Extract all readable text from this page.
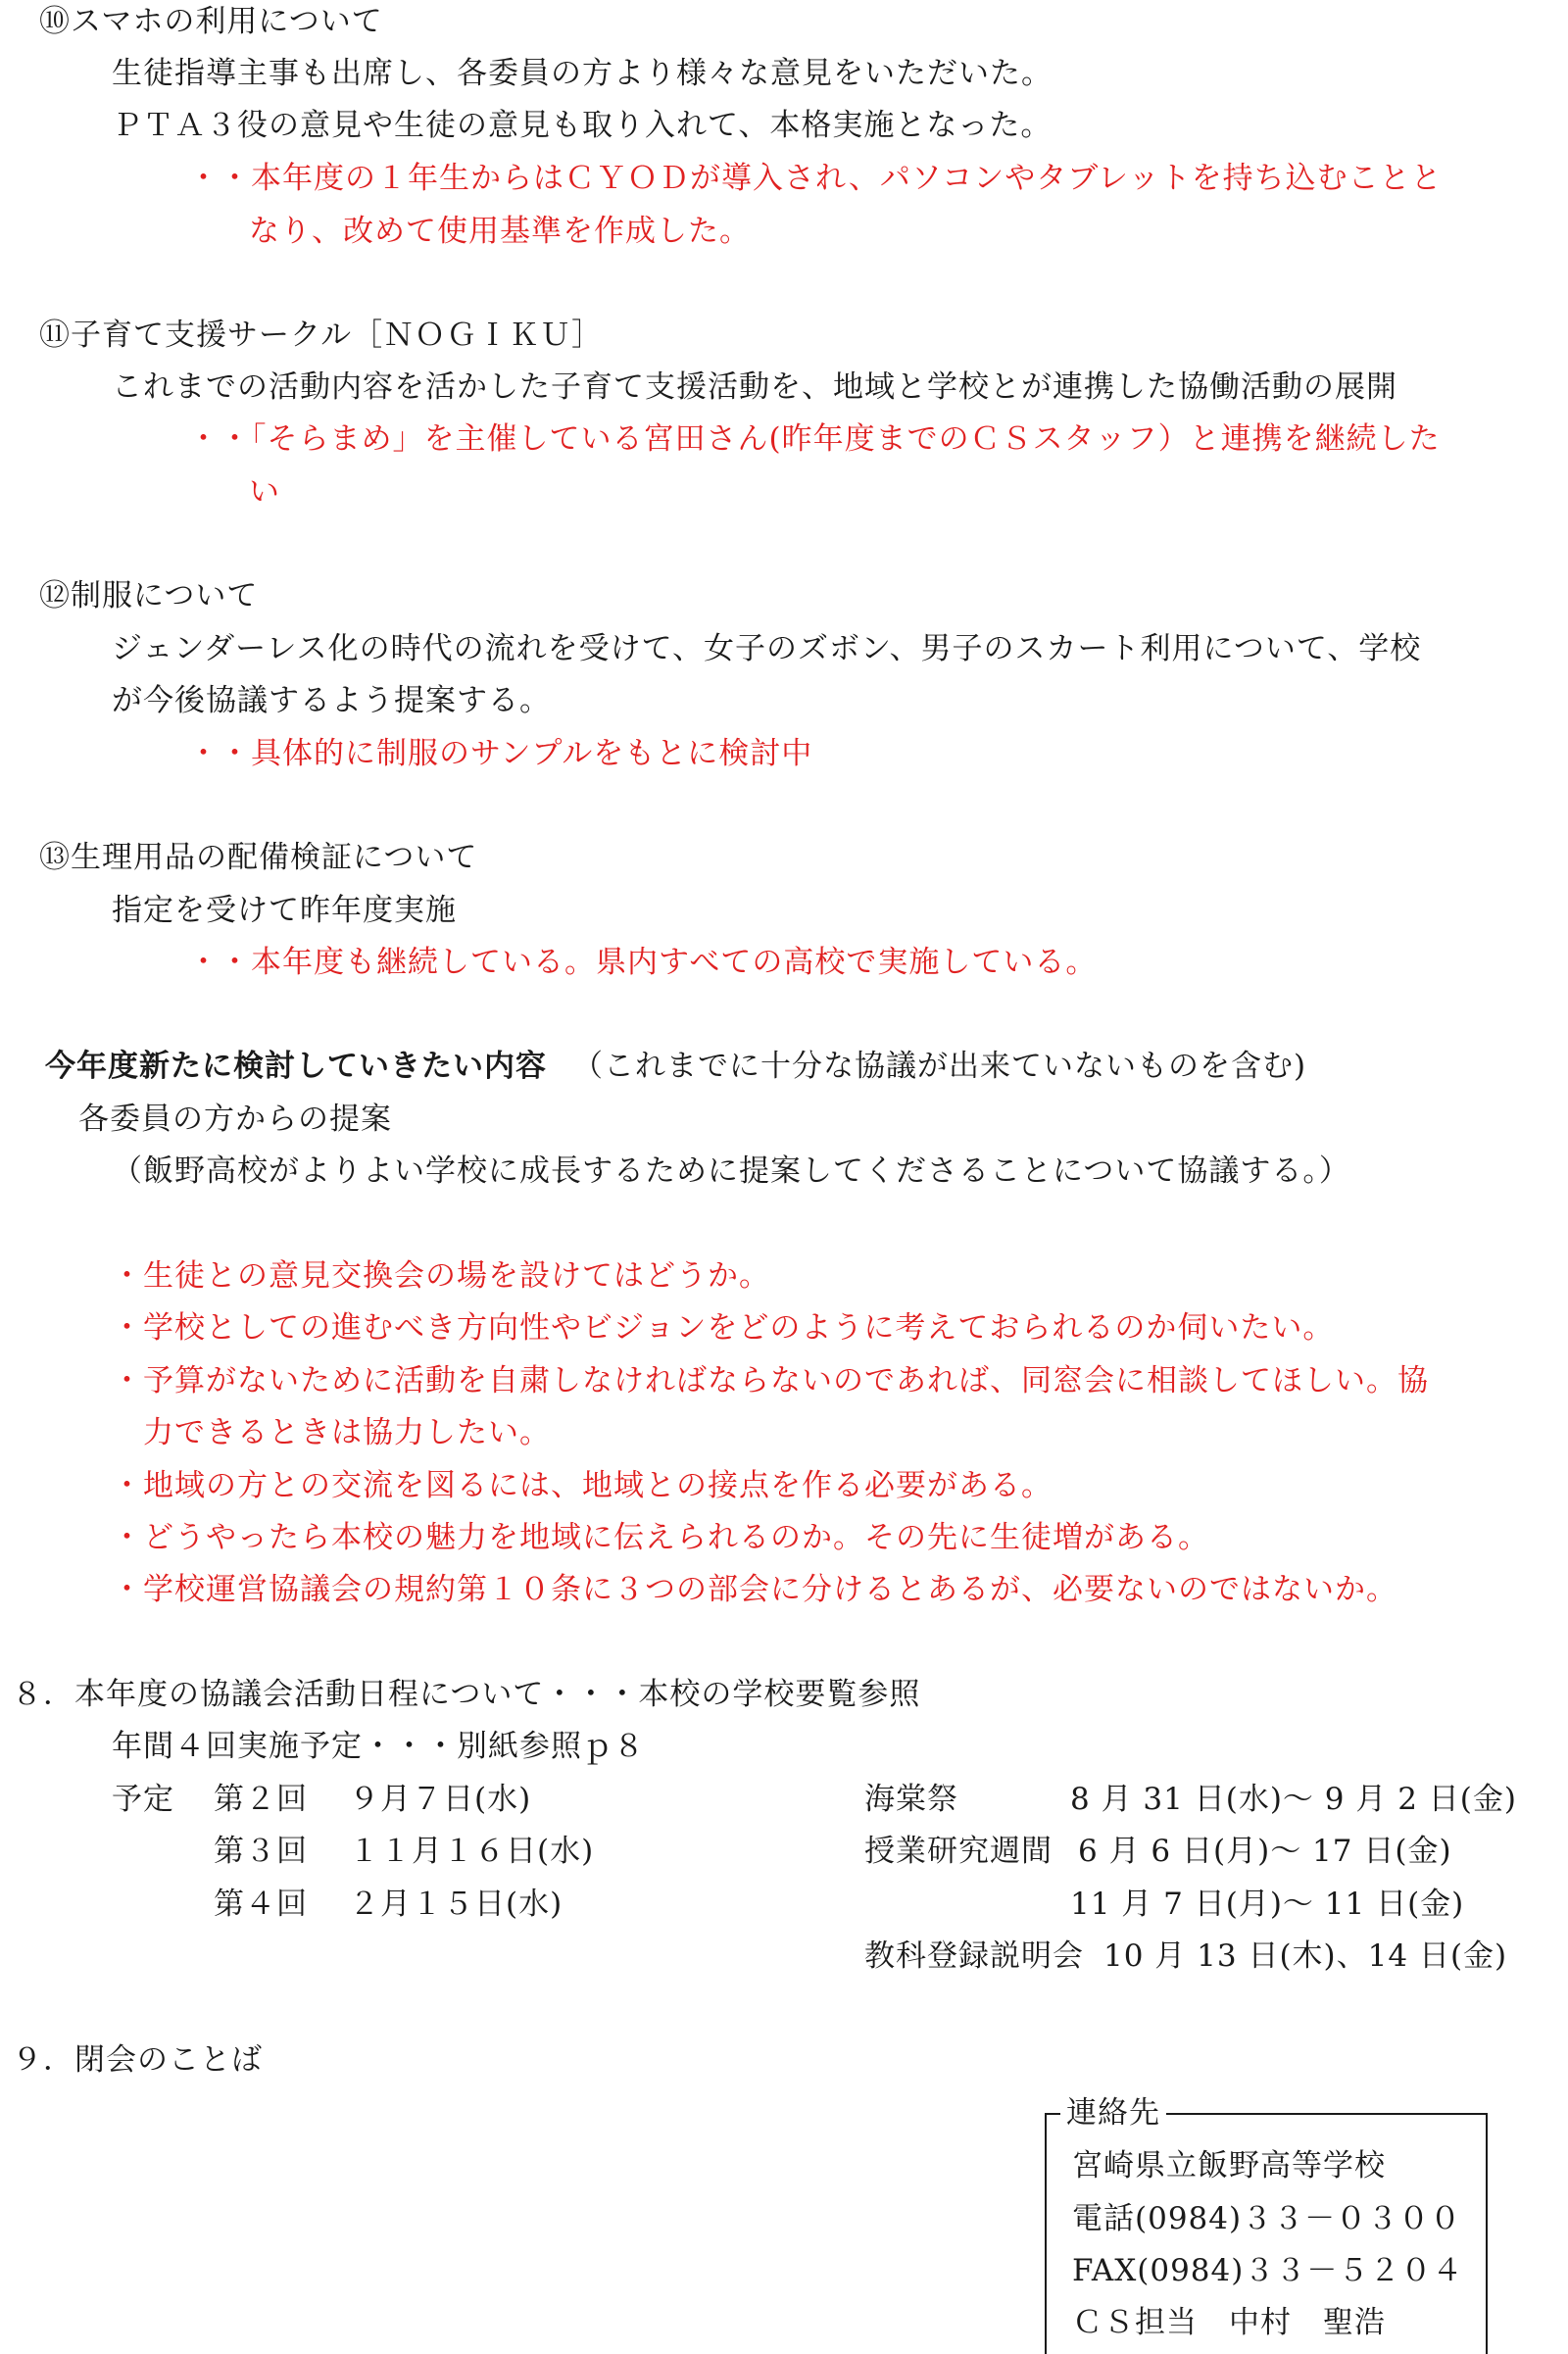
⑩スマホの利用について
生徒指導主事も出席し、各委員の方より様々な意見をいただいた。
ＰＴＡ３役の意見や生徒の意見も取り入れて、本格実施となった。
・・本年度の１年生からはＣＹＯＤが導入され、パソコンやタブレットを持ち込むことと
なり、改めて使用基準を作成した。
⑪子育て支援サークル［ＮＯＧＩＫＵ］
これまでの活動内容を活かした子育て支援活動を、地域と学校とが連携した協働活動の展開
・・「そらまめ」を主催している宮田さん(昨年度までのＣＳスタッフ）と連携を継続した
い
⑫制服について
ジェンダーレス化の時代の流れを受けて、女子のズボン、男子のスカート利用について、学校
が今後協議するよう提案する。
・・具体的に制服のサンプルをもとに検討中
⑬生理用品の配備検証について
指定を受けて昨年度実施
・・本年度も継続している。県内すべての高校で実施している。
今年度新たに検討していきたい内容 （これまでに十分な協議が出来ていないものを含む)
各委員の方からの提案
（飯野高校がよりよい学校に成長するために提案してくださることについて協議する。）
・生徒との意見交換会の場を設けてはどうか。
・学校としての進むべき方向性やビジョンをどのように考えておられるのか伺いたい。
・予算がないために活動を自粛しなければならないのであれば、同窓会に相談してほしい。協
力できるときは協力したい。
・地域の方との交流を図るには、地域との接点を作る必要がある。
・どうやったら本校の魅力を地域に伝えられるのか。その先に生徒増がある。
・学校運営協議会の規約第１０条に３つの部会に分けるとあるが、必要ないのではないか。
８．本年度の協議会活動日程について・・・本校の学校要覧参照
年間４回実施予定・・・別紙参照ｐ８
予定 第２回 ９月７日(水)
第３回 １１月１６日(水)
第４回 ２月１５日(水)
海棠祭	8 月 31 日(水)～ 9 月 2 日(金)
授業研究週間 6 月 6 日(月)～ 17 日(金)
11 月 7 日(月)～ 11 日(金)
教科登録説明会 10 月 13 日(木)、14 日(金)
９．閉会のことば
連絡先
宮崎県立飯野高等学校
電話(0984)３３－０３００
FAX(0984)３３－５２０４
ＣＳ担当　中村　聖浩
